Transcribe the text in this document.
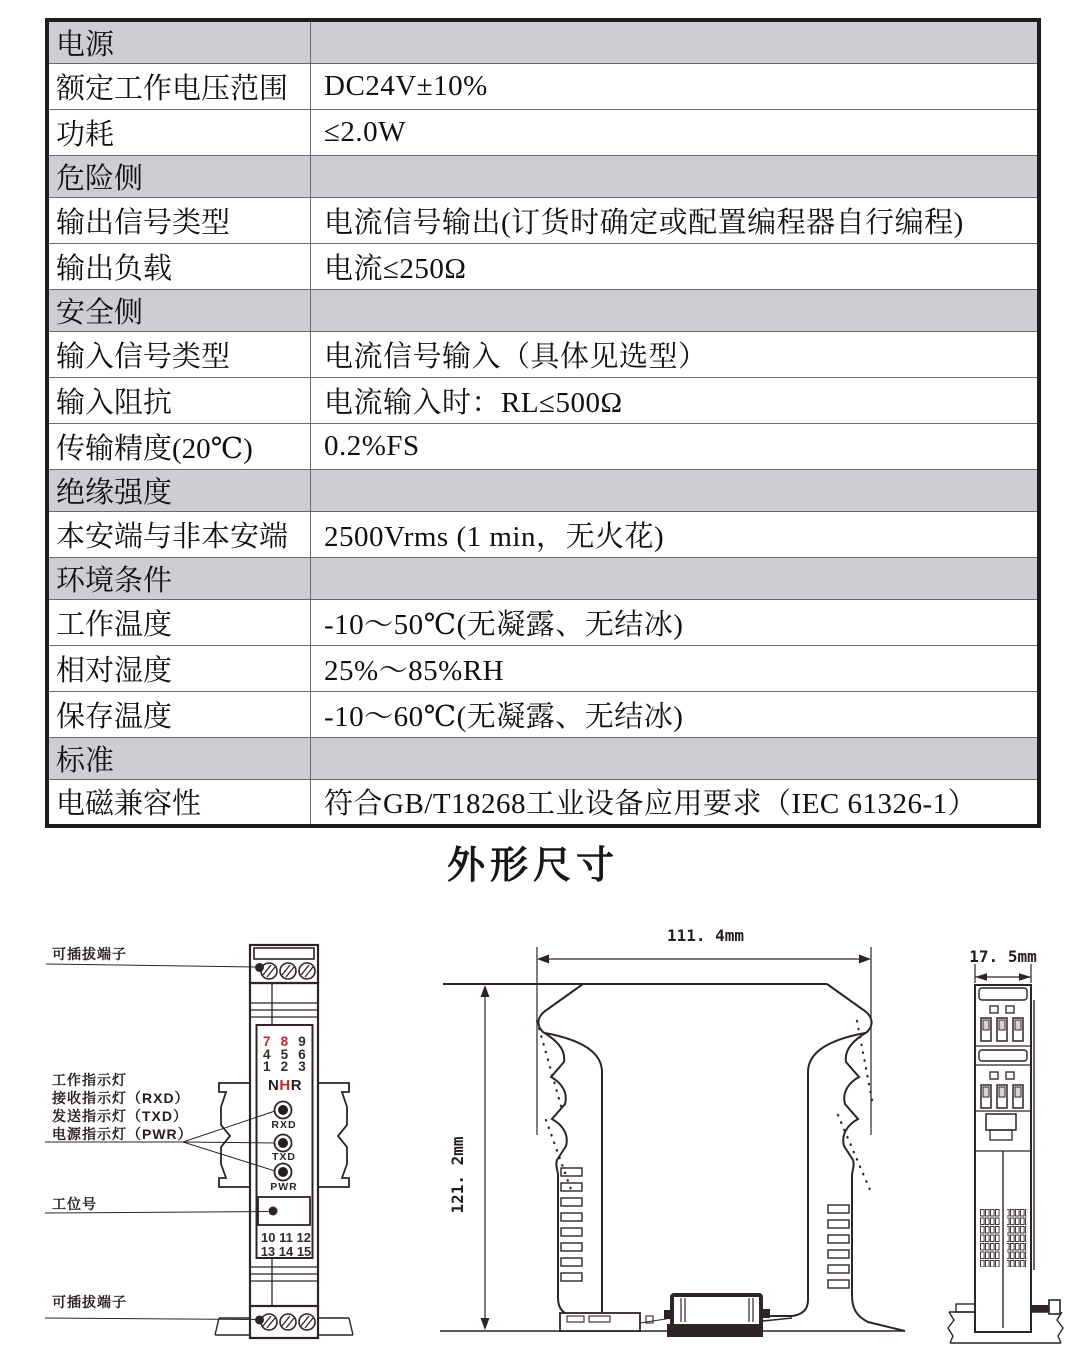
电源	
额定工作电压范围	DC24V±10%
功耗	≤2.0W
危险侧	
输出信号类型	电流信号输出(订货时确定或配置编程器自行编程)
输出负载	电流≤250Ω
安全侧	
输入信号类型	电流信号输入（具体见选型）
输入阻抗	电流输入时：RL≤500Ω
传输精度(20℃)	0.2%FS
绝缘强度	
本安端与非本安端	2500Vrms (1 min，无火花)
环境条件	
工作温度	-10～50℃(无凝露、无结冰)
相对湿度	25%～85%RH
保存温度	-10～60℃(无凝露、无结冰)
标准	
电磁兼容性	符合GB/T18268工业设备应用要求（IEC 61326-1）
外形尺寸
可插拔端子
工作指示灯
接收指示灯（RXD）
发送指示灯（TXD）
电源指示灯（PWR）
工位号
可插拔端子
7 8 9
4 5 6
1 2 3
NHR
RXD
TXD
PWR
10 11 12
13 14 15
111. 4mm
121. 2mm
17. 5mm
